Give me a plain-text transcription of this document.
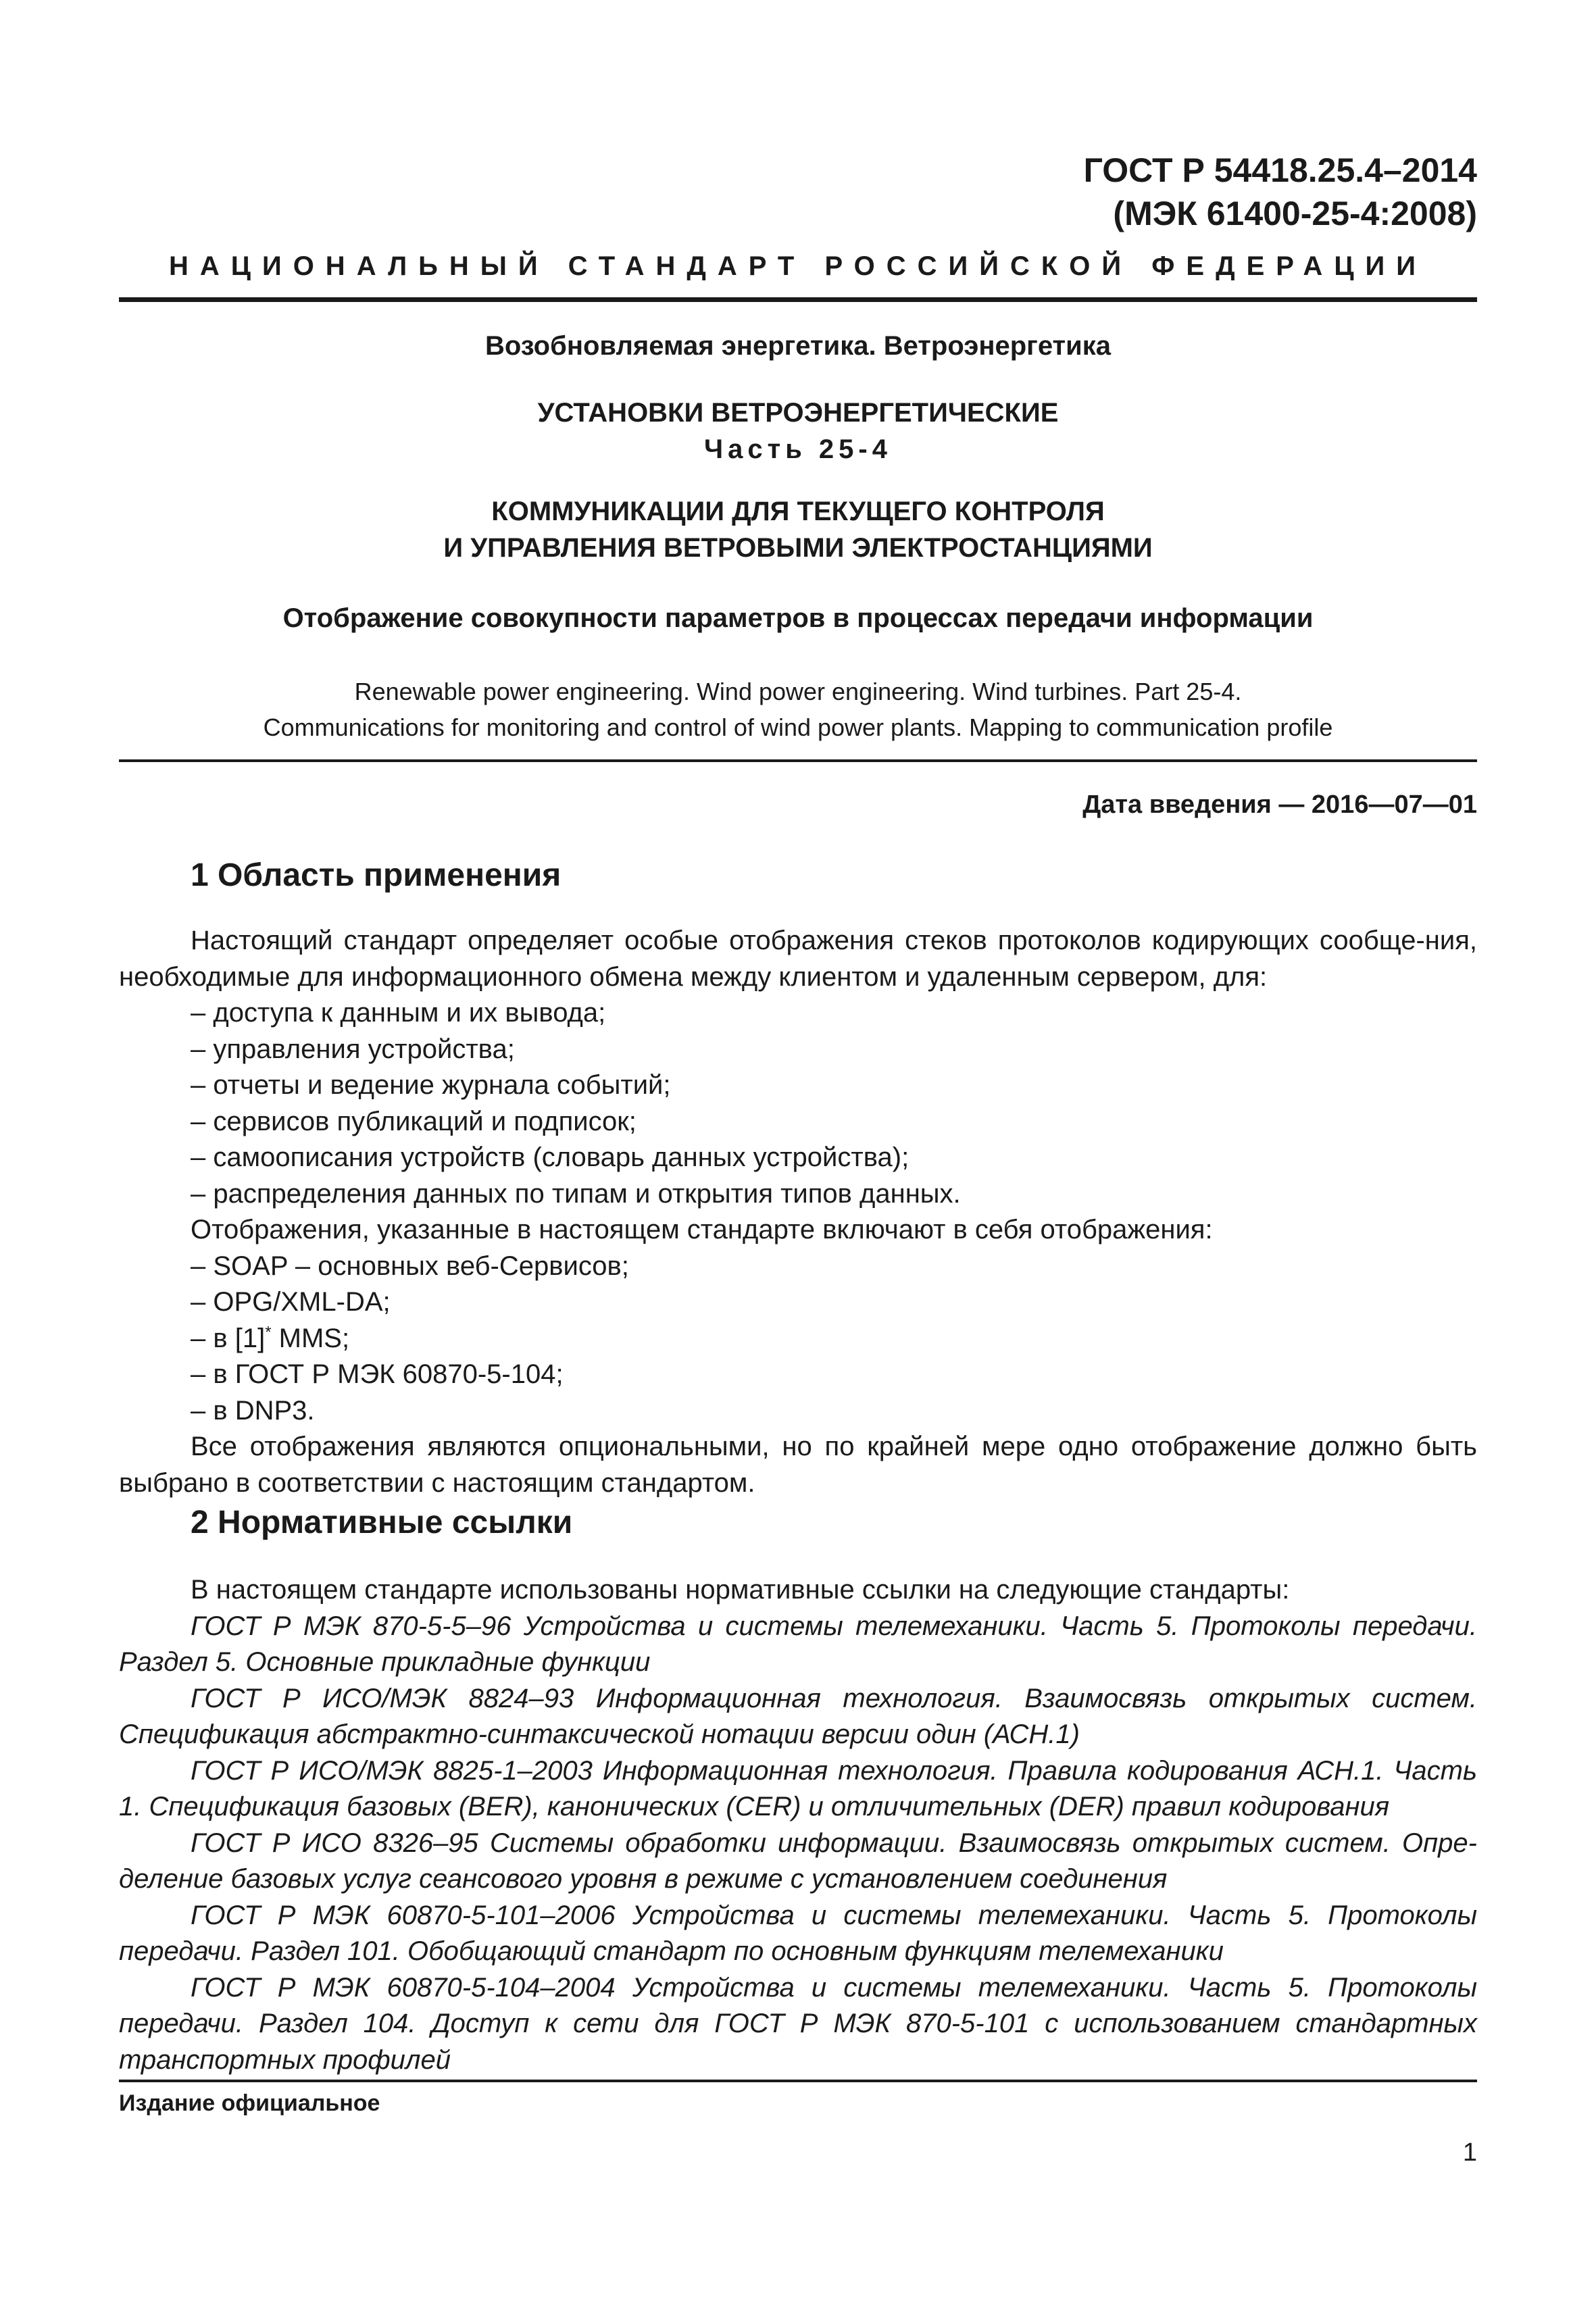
ГОСТ Р 54418.25.4–2014
(МЭК 61400-25-4:2008)
НАЦИОНАЛЬНЫЙ СТАНДАРТ РОССИЙСКОЙ ФЕДЕРАЦИИ
Возобновляемая энергетика. Ветроэнергетика
УСТАНОВКИ ВЕТРОЭНЕРГЕТИЧЕСКИЕ
Часть 25-4
КОММУНИКАЦИИ ДЛЯ ТЕКУЩЕГО КОНТРОЛЯ
И УПРАВЛЕНИЯ ВЕТРОВЫМИ ЭЛЕКТРОСТАНЦИЯМИ
Отображение совокупности параметров в процессах передачи информации
Renewable power engineering. Wind power engineering. Wind turbines. Part 25-4.
Communications for monitoring and control of wind power plants. Mapping to communication profile
Дата введения — 2016—07—01
1 Область применения
Настоящий стандарт определяет особые отображения стеков протоколов кодирующих сообще-ния, необходимые для информационного обмена между клиентом и удаленным сервером, для:
– доступа к данным и их вывода;
– управления устройства;
– отчеты и ведение журнала событий;
– сервисов публикаций и подписок;
– самоописания устройств (словарь данных устройства);
– распределения данных по типам и открытия типов данных.
Отображения, указанные в настоящем стандарте включают в себя отображения:
– SOAP – основных веб-Сервисов;
– OPG/XML-DA;
– в [1]* MMS;
– в ГОСТ Р МЭК 60870-5-104;
– в DNP3.
Все отображения являются опциональными, но по крайней мере одно отображение должно быть выбрано в соответствии с настоящим стандартом.
2 Нормативные ссылки
В настоящем стандарте использованы нормативные ссылки на следующие стандарты:
ГОСТ Р МЭК 870-5-5–96 Устройства и системы телемеханики. Часть 5. Протоколы передачи. Раздел 5. Основные прикладные функции
ГОСТ Р ИСО/МЭК 8824–93 Информационная технология. Взаимосвязь открытых систем. Спецификация абстрактно-синтаксической нотации версии один (АСН.1)
ГОСТ Р ИСО/МЭК 8825-1–2003 Информационная технология. Правила кодирования АСН.1. Часть 1. Спецификация базовых (BER), канонических (CER) и отличительных (DER) правил кодирования
ГОСТ Р ИСО 8326–95 Системы обработки информации. Взаимосвязь открытых систем. Опре-деление базовых услуг сеансового уровня в режиме с установлением соединения
ГОСТ Р МЭК 60870-5-101–2006 Устройства и системы телемеханики. Часть 5. Протоколы передачи. Раздел 101. Обобщающий стандарт по основным функциям телемеханики
ГОСТ Р МЭК 60870-5-104–2004 Устройства и системы телемеханики. Часть 5. Протоколы передачи. Раздел 104. Доступ к сети для ГОСТ Р МЭК 870-5-101 с использованием стандартных транспортных профилей
Издание официальное
1
